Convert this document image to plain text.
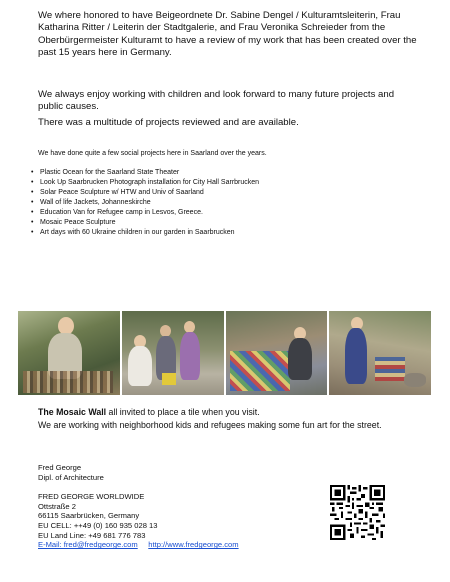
We where honored to have Beigeordnete Dr. Sabine Dengel / Kulturamtsleiterin, Frau Katharina Ritter / Leiterin der Stadtgalerie, and Frau Veronika Schreieder from the Oberbürgermeister Kulturamt to have a review of my work that has been created over the past 15 years here in Germany.

We always enjoy working with children and look forward to many future projects and public causes.

There was a multitude of projects reviewed and are available.

We have done quite a few social projects here in Saarland over the years.

• Plastic Ocean for the Saarland State Theater
• Look Up Saarbrucken Photograph installation for City Hall Sarrbrucken
• Solar Peace Sculpture w/ HTW and Univ of Saarland
• Wall of life Jackets, Johanneskirche
• Education Van for Refugee camp in Lesvos, Greece.
• Mosaic Peace Sculpture
• Art days with 60 Ukraine children in our garden in Saarbrucken

The Mosaic Wall all invited to place a tile when you visit.
We are working with neighborhood kids and refugees making some fun art for the street.

Fred George
Dipl. of Architecture
FRED GEORGE WORLDWIDE
Ottstraße 2
66115 Saarbrücken, Germany
EU CELL: ++49 (0) 160 935 028 13
EU Land Line: +49 681 776 783
E-Mail: fred@fredgeorge.com http://www.fredgeorge.com
